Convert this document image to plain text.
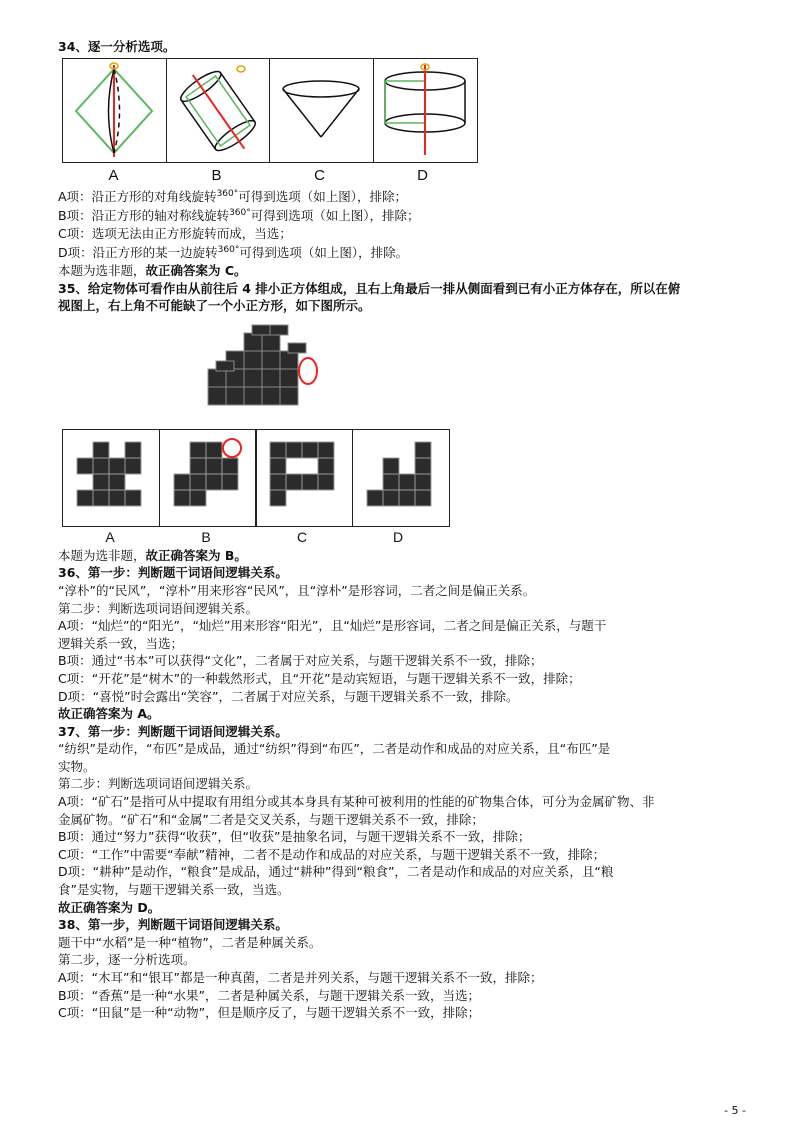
34、逐一分析选项。
A	B	C	D
A项：沿正方形的对角线旋转$^{360^\circ}$可得到选项（如上图），排除；
B项：沿正方形的轴对称线旋转$^{360^\circ}$可得到选项（如上图），排除；
C项：选项无法由正方形旋转而成，当选；
D项：沿正方形的某一边旋转$^{360^\circ}$可得到选项（如上图），排除。
本题为选非题，故正确答案为 C。
35、给定物体可看作由从前往后 4 排小正方体组成，且右上角最后一排从侧面看到已有小正方体存在，所以在俯
视图上，右上角不可能缺了一个小正方形，如下图所示。
A	B	C	D
本题为选非题，故正确答案为 B。
36、第一步：判断题干词语间逻辑关系。
“淳朴”的“民风”，“淳朴”用来形容“民风”，且“淳朴”是形容词，二者之间是偏正关系。
第二步：判断选项词语间逻辑关系。
A项：“灿烂”的“阳光”，“灿烂”用来形容“阳光”，且“灿烂”是形容词，二者之间是偏正关系，与题干
逻辑关系一致，当选；
B项：通过“书本”可以获得“文化”，二者属于对应关系，与题干逻辑关系不一致，排除；
C项：“开花”是“树木”的一种载然形式，且“开花”是动宾短语，与题干逻辑关系不一致，排除；
D项：“喜悦”时会露出“笑容”，二者属于对应关系，与题干逻辑关系不一致，排除。
故正确答案为 A。
37、第一步：判断题干词语间逻辑关系。
“纺织”是动作，“布匹”是成品，通过“纺织”得到“布匹”，二者是动作和成品的对应关系，且“布匹”是
实物。
第二步：判断选项词语间逻辑关系。
A项：“矿石”是指可从中提取有用组分或其本身具有某种可被利用的性能的矿物集合体，可分为金属矿物、非
金属矿物。“矿石”和“金属”二者是交叉关系，与题干逻辑关系不一致，排除；
B项：通过“努力”获得“收获”，但“收获”是抽象名词，与题干逻辑关系不一致，排除；
C项：“工作”中需要“奉献”精神，二者不是动作和成品的对应关系，与题干逻辑关系不一致，排除；
D项：“耕种”是动作，“粮食”是成品，通过“耕种”得到“粮食”，二者是动作和成品的对应关系，且“粮
食”是实物，与题干逻辑关系一致，当选。
故正确答案为 D。
38、第一步，判断题干词语间逻辑关系。
题干中“水稻”是一种“植物”，二者是种属关系。
第二步，逐一分析选项。
A项：“木耳”和“银耳”都是一种真菌，二者是并列关系，与题干逻辑关系不一致，排除；
B项：“香蕉”是一种“水果”，二者是种属关系，与题干逻辑关系一致，当选；
C项：“田鼠”是一种“动物”，但是顺序反了，与题干逻辑关系不一致，排除；
- 5 -
